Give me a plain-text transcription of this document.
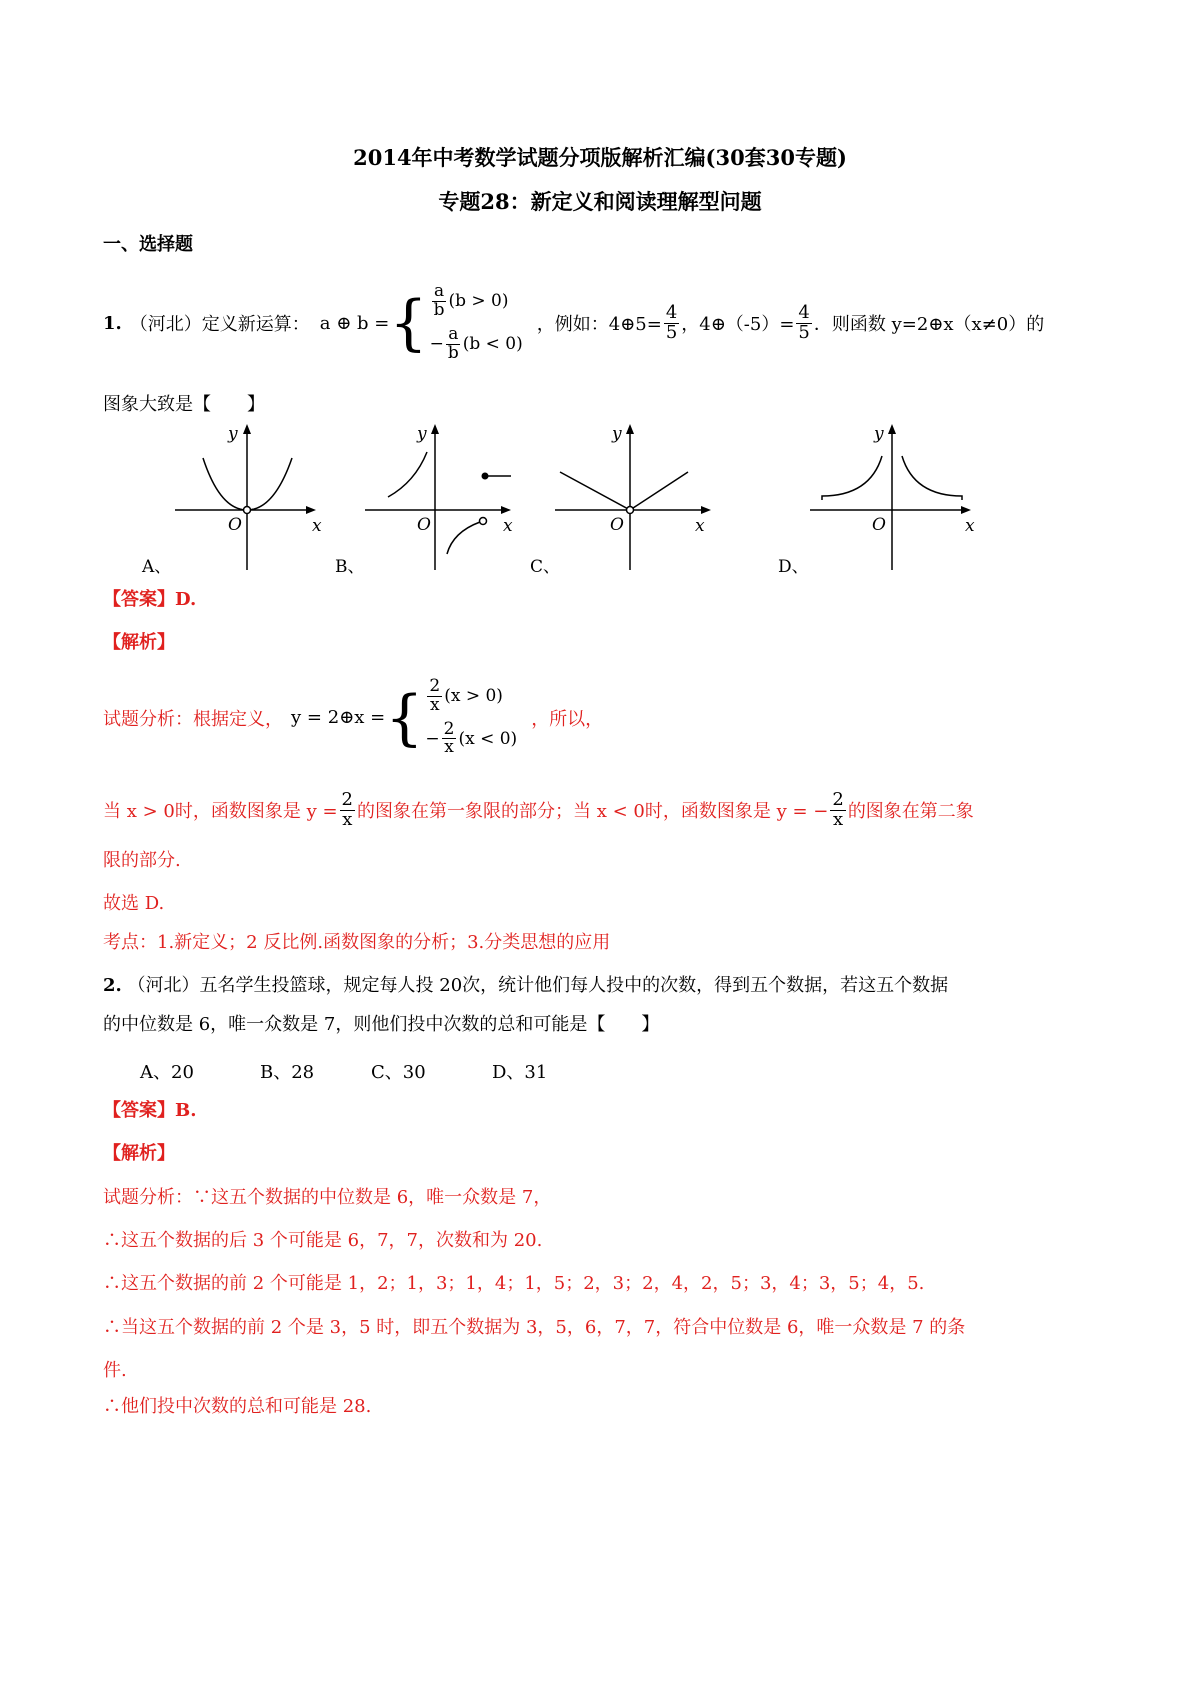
2014年中考数学试题分项版解析汇编(30套30专题)
专题28：新定义和阅读理解型问题
一、选择题
1. （河北）定义新运算： a ⊕ b = { $\frac{a}{b} (b > 0)$
− $\frac{a}{b} (b < 0)$
，例如：4⊕5= $\frac{4}{5}$ ，4⊕（-5）= $\frac{4}{5}$ ．则函数 y=2⊕x（x≠0）的
图象大致是【　　】
y
O	x
A、
y
O	x
B、
y
O	x
C、
y
O	x
D、
【答案】D.
【解析】
试题分析：根据定义， y = 2⊕x = { $\frac{2}{x} (x > 0)$
− $\frac{2}{x} (x < 0)$
，所以，
当 x > 0时，函数图象是 $y = \frac{2}{x}$ 的图象在第一象限的部分；当 x < 0时，函数图象是 y = − $\frac{2}{x}$ 的图象在第二象
限的部分.
故选 D.
考点：1.新定义；2 反比例.函数图象的分析；3.分类思想的应用
2. （河北）五名学生投篮球，规定每人投 20次，统计他们每人投中的次数，得到五个数据，若这五个数据
的中位数是 6，唯一众数是 7，则他们投中次数的总和可能是【　　】
A、20	B、28	C、30	D、31
【答案】B.
【解析】
试题分析：∵这五个数据的中位数是 6，唯一众数是 7，
∴这五个数据的后 3 个可能是 6，7，7，次数和为 20.
∴这五个数据的前 2 个可能是 1，2；1，3；1，4；1，5；2，3；2，4，2，5；3，4；3，5；4，5.
∴当这五个数据的前 2 个是 3，5 时，即五个数据为 3，5，6，7，7，符合中位数是 6，唯一众数是 7 的条
件.
∴他们投中次数的总和可能是 28.
